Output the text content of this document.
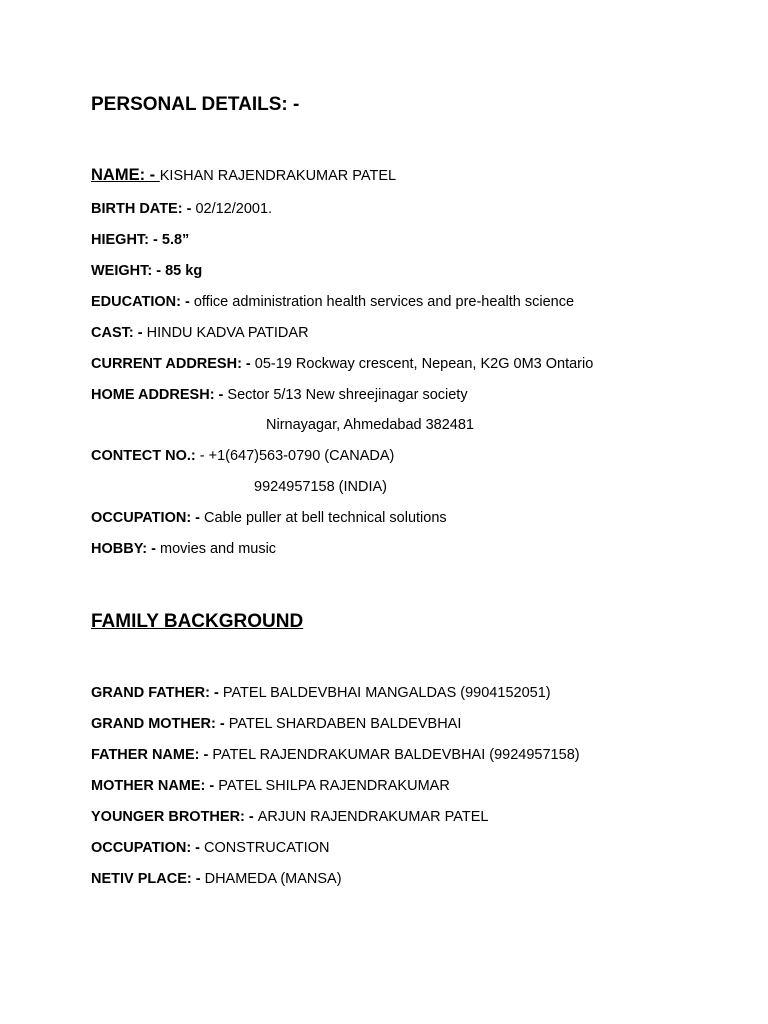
PERSONAL DETAILS: -
NAME: - KISHAN RAJENDRAKUMAR PATEL
BIRTH DATE: - 02/12/2001.
HIEGHT: - 5.8”
WEIGHT: - 85 kg
EDUCATION: - office administration health services and pre-health science
CAST: - HINDU KADVA PATIDAR
CURRENT ADDRESH: - 05-19 Rockway crescent, Nepean, K2G 0M3 Ontario
HOME ADDRESH: - Sector 5/13 New shreejinagar society
Nirnayagar, Ahmedabad 382481
CONTECT NO.: - +1(647)563-0790 (CANADA)
9924957158 (INDIA)
OCCUPATION: - Cable puller at bell technical solutions
HOBBY: - movies and music
FAMILY BACKGROUND
GRAND FATHER: - PATEL BALDEVBHAI MANGALDAS (9904152051)
GRAND MOTHER: - PATEL SHARDABEN BALDEVBHAI
FATHER NAME: - PATEL RAJENDRAKUMAR BALDEVBHAI (9924957158)
MOTHER NAME: - PATEL SHILPA RAJENDRAKUMAR
YOUNGER BROTHER: - ARJUN RAJENDRAKUMAR PATEL
OCCUPATION: - CONSTRUCATION
NETIV PLACE: - DHAMEDA (MANSA)
